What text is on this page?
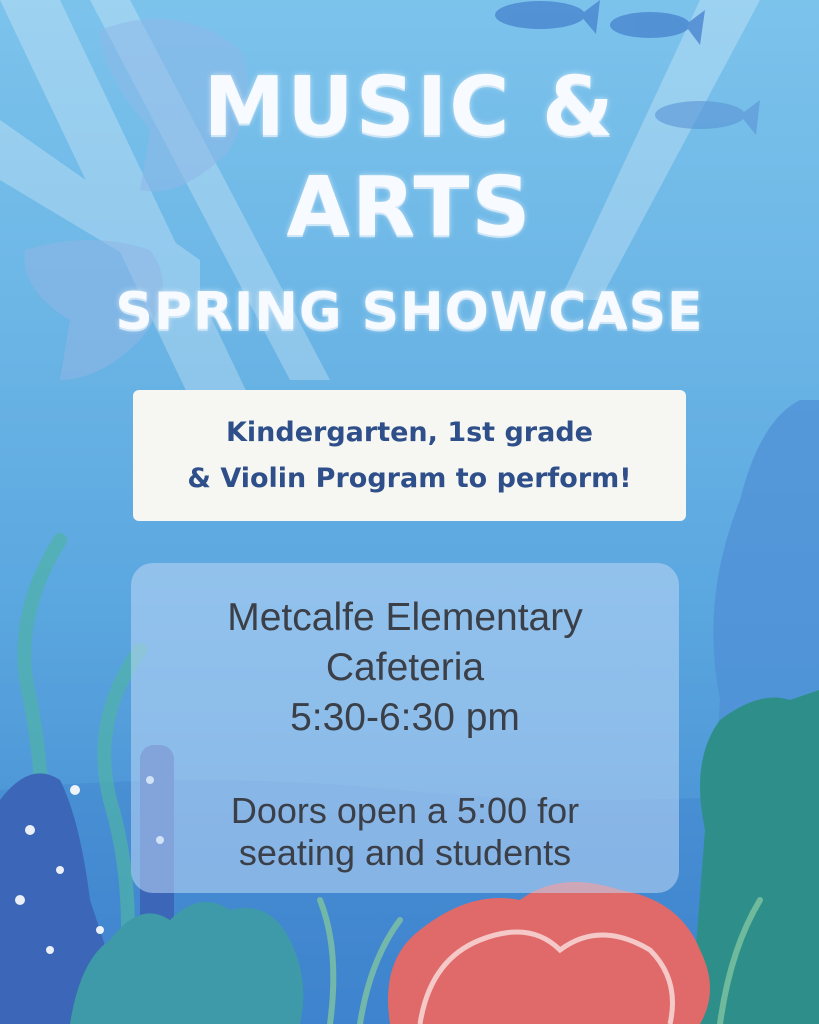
MUSIC &
ARTS
SPRING SHOWCASE
Kindergarten, 1st grade
& Violin Program to perform!
Metcalfe Elementary
Cafeteria
5:30-6:30 pm
Doors open a 5:00 for
seating and students
